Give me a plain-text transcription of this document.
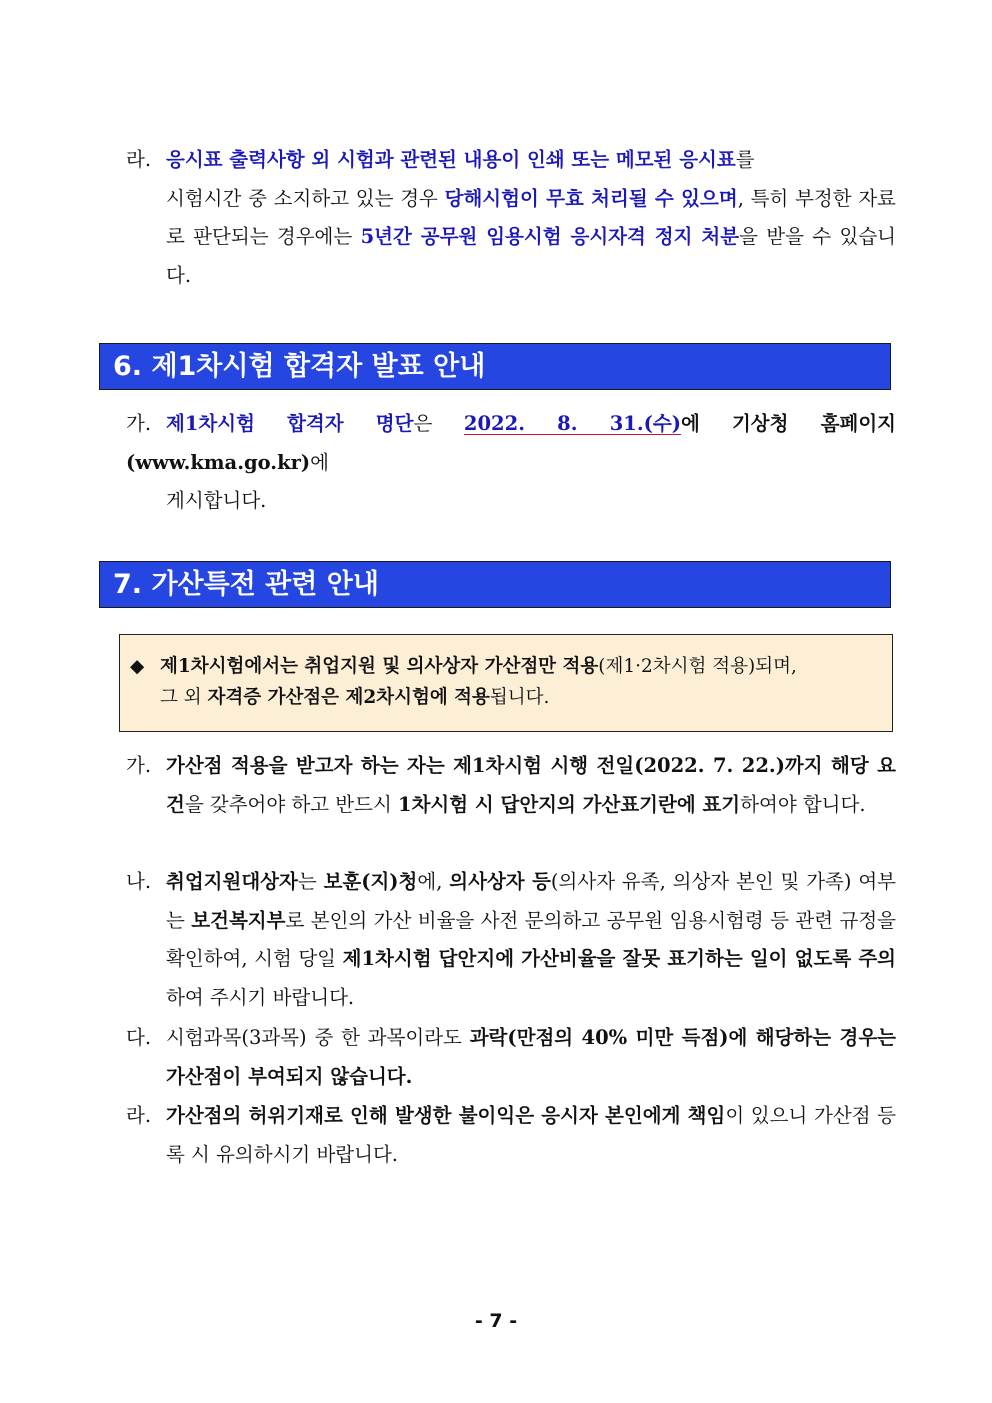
라. 응시표 출력사항 외 시험과 관련된 내용이 인쇄 또는 메모된 응시표를
시험시간 중 소지하고 있는 경우 당해시험이 무효 처리될 수 있으며, 특히 부정한 자료로 판단되는 경우에는 5년간 공무원 임용시험 응시자격 정지 처분을 받을 수 있습니다.
6. 제1차시험 합격자 발표 안내
가. 제1차시험 합격자 명단은 2022. 8. 31.(수)에 기상청 홈페이지(www.kma.go.kr)에
게시합니다.
7. 가산특전 관련 안내
◆ 제1차시험에서는 취업지원 및 의사상자 가산점만 적용(제1·2차시험 적용)되며,
그 외 자격증 가산점은 제2차시험에 적용됩니다.
가. 가산점 적용을 받고자 하는 자는 제1차시험 시행 전일(2022. 7. 22.)까지 해당 요건을 갖추어야 하고 반드시 1차시험 시 답안지의 가산표기란에 표기하여야 합니다.
나. 취업지원대상자는 보훈(지)청에, 의사상자 등(의사자 유족, 의상자 본인 및 가족) 여부는 보건복지부로 본인의 가산 비율을 사전 문의하고 공무원 임용시험령 등 관련 규정을 확인하여, 시험 당일 제1차시험 답안지에 가산비율을 잘못 표기하는 일이 없도록 주의하여 주시기 바랍니다.
다. 시험과목(3과목) 중 한 과목이라도 과락(만점의 40% 미만 득점)에 해당하는 경우는 가산점이 부여되지 않습니다.
라. 가산점의 허위기재로 인해 발생한 불이익은 응시자 본인에게 책임이 있으니 가산점 등록 시 유의하시기 바랍니다.
- 7 -
